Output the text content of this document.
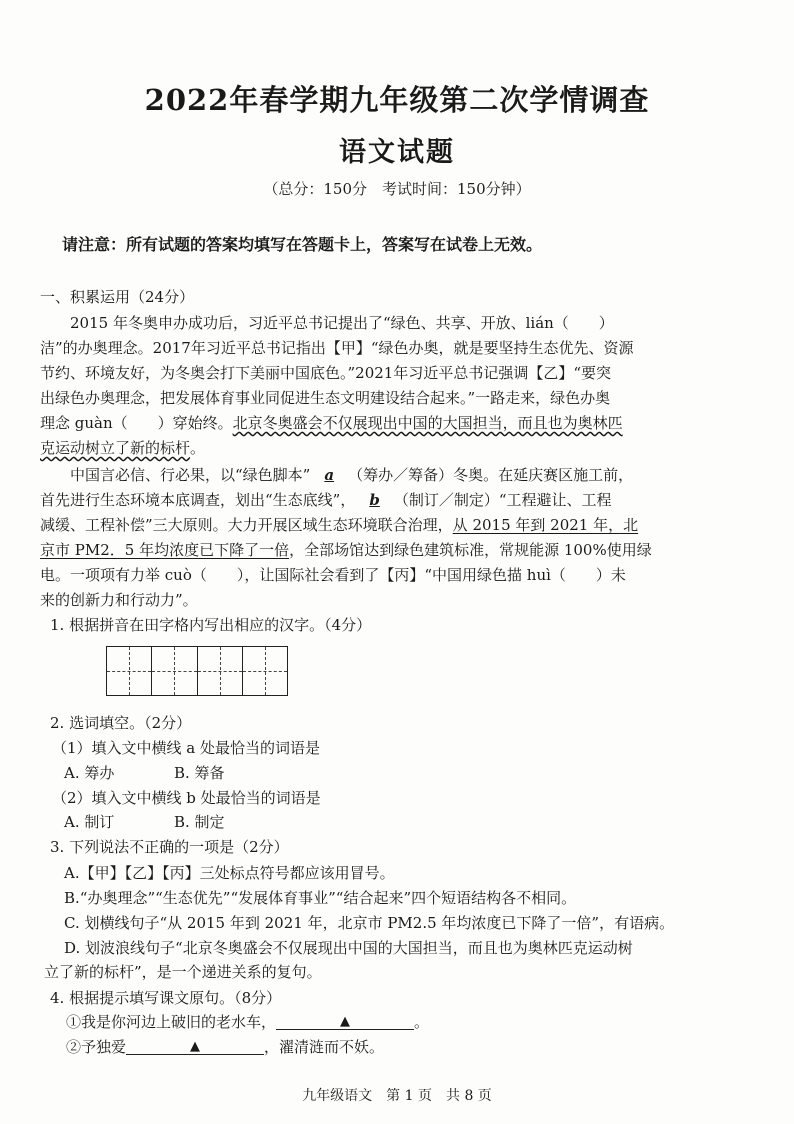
2022年春学期九年级第二次学情调查
语文试题
（总分：150分　考试时间：150分钟）
请注意：所有试题的答案均填写在答题卡上，答案写在试卷上无效。
一、积累运用（24分）
　　2015 年冬奥申办成功后，习近平总书记提出了“绿色、共享、开放、lián（　　）
洁”的办奥理念。2017年习近平总书记指出【甲】“绿色办奥，就是要坚持生态优先、资源
节约、环境友好，为冬奥会打下美丽中国底色。”2021年习近平总书记强调【乙】“要突
出绿色办奥理念，把发展体育事业同促进生态文明建设结合起来。”一路走来，绿色办奥
理念 guàn（　　）穿始终。北京冬奥盛会不仅展现出中国的大国担当，而且也为奥林匹
克运动树立了新的标杆。
　　中国言必信、行必果，以“绿色脚本” a （筹办／筹备）冬奥。在延庆赛区施工前，
首先进行生态环境本底调查，划出“生态底线”， b （制订／制定）“工程避让、工程
减缓、工程补偿”三大原则。大力开展区域生态环境联合治理，从 2015 年到 2021 年，北
京市 PM2．5 年均浓度已下降了一倍，全部场馆达到绿色建筑标准，常规能源 100%使用绿
电。一项项有力举 cuò（　　），让国际社会看到了【丙】“中国用绿色描 huì（　　）未
来的创新力和行动力”。
1. 根据拼音在田字格内写出相应的汉字。（4分）
2. 选词填空。（2分）
（1）填入文中横线 a 处最恰当的词语是
A. 筹办	B. 筹备
（2）填入文中横线 b 处最恰当的词语是
A. 制订	B. 制定
3. 下列说法不正确的一项是（2分）
A.【甲】【乙】【丙】三处标点符号都应该用冒号。
B.“办奥理念”“生态优先”“发展体育事业”“结合起来”四个短语结构各不相同。
C. 划横线句子“从 2015 年到 2021 年，北京市 PM2.5 年均浓度已下降了一倍”，有语病。
D. 划波浪线句子“北京冬奥盛会不仅展现出中国的大国担当，而且也为奥林匹克运动树
立了新的标杆”，是一个递进关系的复句。
4. 根据提示填写课文原句。（8分）
①我是你河边上破旧的老水车，	▲	。
②予独爱	▲	，濯清涟而不妖。
九年级语文　第 1 页　共 8 页
